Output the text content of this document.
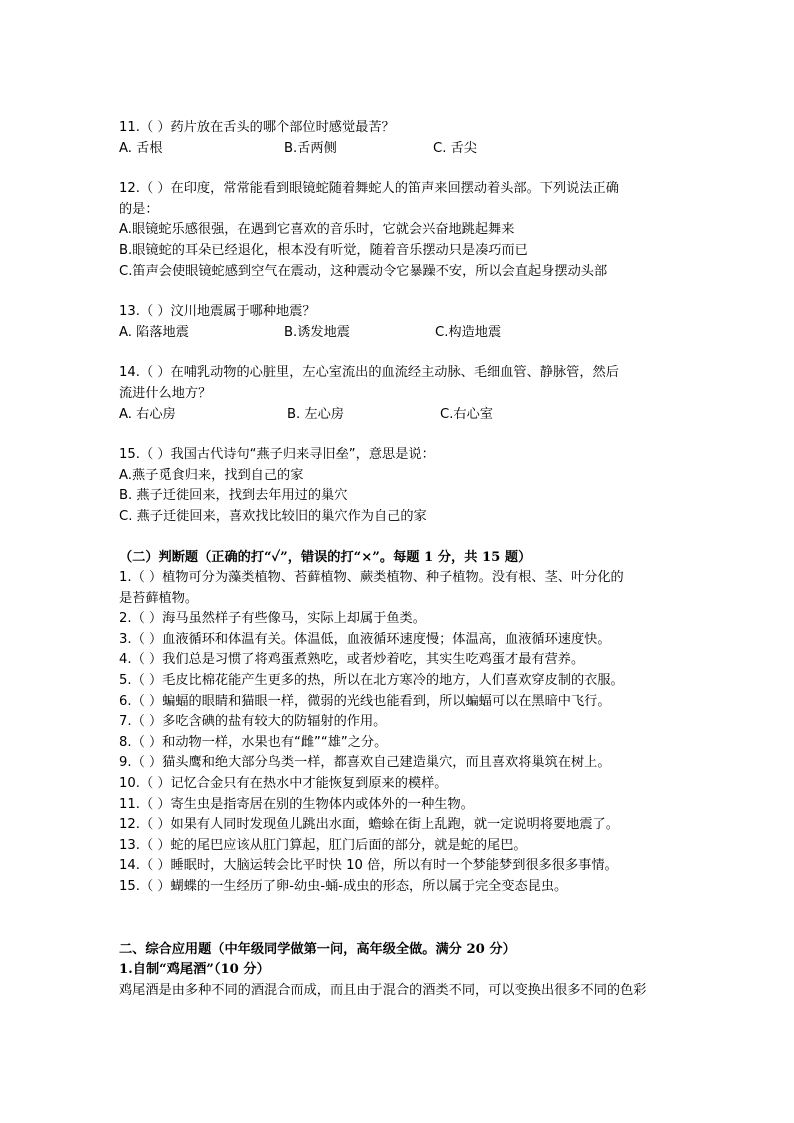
11.（ ）药片放在舌头的哪个部位时感觉最苦？
A. 舌根	B.舌两侧	C. 舌尖
12.（ ）在印度，常常能看到眼镜蛇随着舞蛇人的笛声来回摆动着头部。下列说法正确
的是：
A.眼镜蛇乐感很强，在遇到它喜欢的音乐时，它就会兴奋地跳起舞来
B.眼镜蛇的耳朵已经退化，根本没有听觉，随着音乐摆动只是凑巧而已
C.笛声会使眼镜蛇感到空气在震动，这种震动令它暴躁不安，所以会直起身摆动头部
13.（ ）汶川地震属于哪种地震？
A. 陷落地震	B.诱发地震	C.构造地震
14.（ ）在哺乳动物的心脏里，左心室流出的血流经主动脉、毛细血管、静脉管，然后
流进什么地方？
A. 右心房	B. 左心房	C.右心室
15.（ ）我国古代诗句“燕子归来寻旧垒”，意思是说：
A.燕子觅食归来，找到自己的家
B. 燕子迁徙回来，找到去年用过的巢穴
C. 燕子迁徙回来，喜欢找比较旧的巢穴作为自己的家
（二）判断题（正确的打“✓”，错误的打“×”。每题 1 分，共 15 题）
1.（ ）植物可分为藻类植物、苔藓植物、蕨类植物、种子植物。没有根、茎、叶分化的
是苔藓植物。
2.（ ）海马虽然样子有些像马，实际上却属于鱼类。
3.（ ）血液循环和体温有关。体温低，血液循环速度慢；体温高，血液循环速度快。
4.（ ）我们总是习惯了将鸡蛋煮熟吃，或者炒着吃，其实生吃鸡蛋才最有营养。
5.（ ）毛皮比棉花能产生更多的热，所以在北方寒冷的地方，人们喜欢穿皮制的衣服。
6.（ ）蝙蝠的眼睛和猫眼一样，微弱的光线也能看到，所以蝙蝠可以在黑暗中飞行。
7.（ ）多吃含碘的盐有较大的防辐射的作用。
8.（ ）和动物一样，水果也有“雌”“雄”之分。
9.（ ）猫头鹰和绝大部分鸟类一样，都喜欢自己建造巢穴，而且喜欢将巢筑在树上。
10.（ ）记忆合金只有在热水中才能恢复到原来的模样。
11.（ ）寄生虫是指寄居在别的生物体内或体外的一种生物。
12.（ ）如果有人同时发现鱼儿跳出水面，蟾蜍在街上乱跑，就一定说明将要地震了。
13.（ ）蛇的尾巴应该从肛门算起，肛门后面的部分，就是蛇的尾巴。
14.（ ）睡眠时，大脑运转会比平时快 10 倍，所以有时一个梦能梦到很多很多事情。
15.（ ）蝴蝶的一生经历了卵-幼虫-蛹-成虫的形态，所以属于完全变态昆虫。
二、综合应用题（中年级同学做第一问，高年级全做。满分 20 分）
1.自制“鸡尾酒”（10 分）
鸡尾酒是由多种不同的酒混合而成，而且由于混合的酒类不同，可以变换出很多不同的色彩
